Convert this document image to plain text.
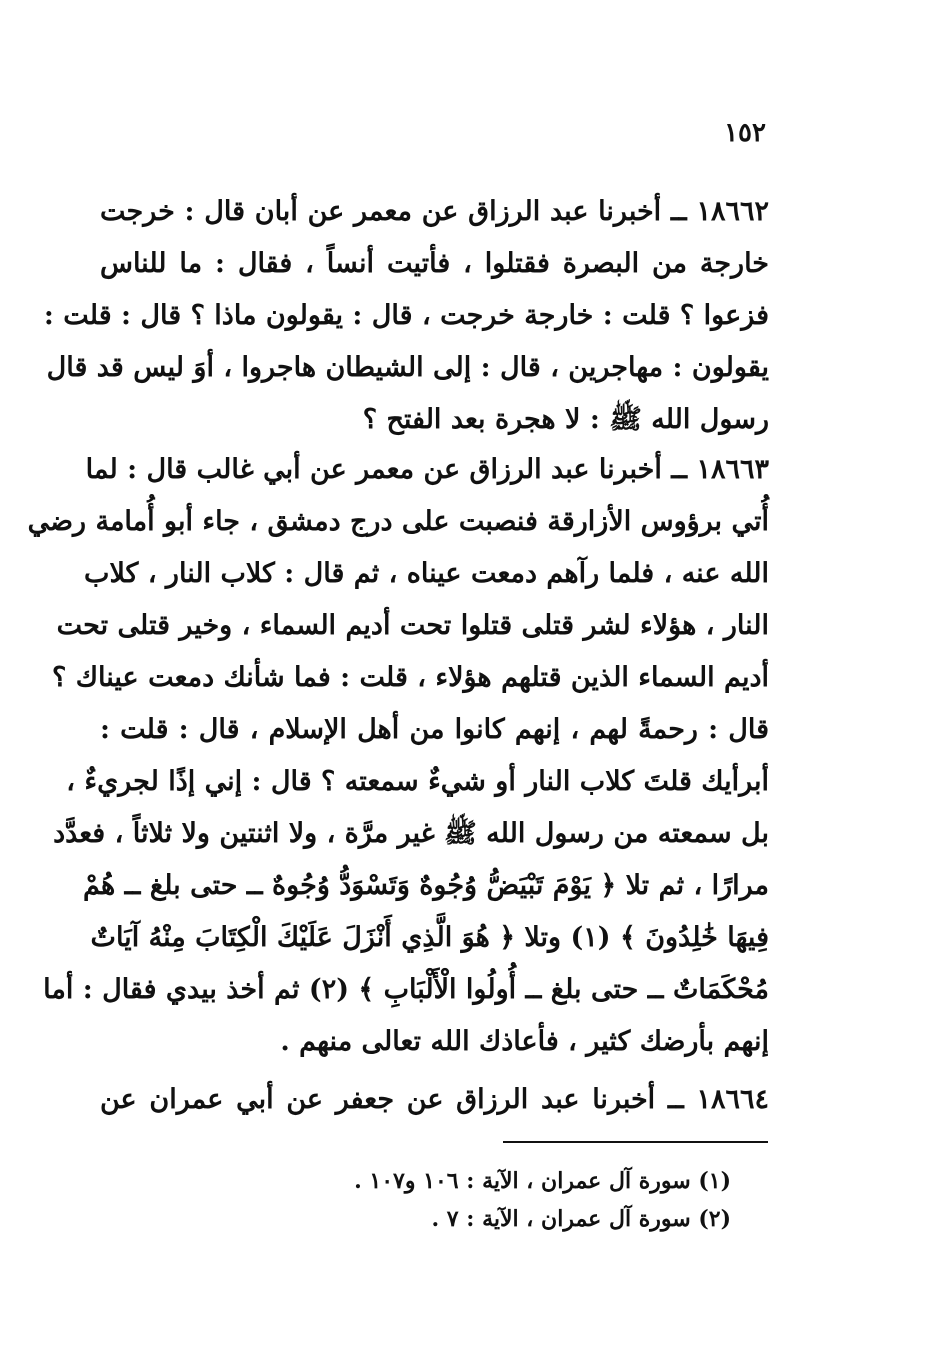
١٥٢
١٨٦٦٢ ــ أخبرنا عبد الرزاق عن معمر عن أبان قال : خرجت
خارجة من البصرة فقتلوا ، فأتيت أنساً ، فقال : ما للناس
فزعوا ؟ قلت : خارجة خرجت ، قال : يقولون ماذا ؟ قال : قلت :
يقولون : مهاجرين ، قال : إلى الشيطان هاجروا ، أوَ ليس قد قال
رسول الله ﷺ : لا هجرة بعد الفتح ؟
١٨٦٦٣ ــ أخبرنا عبد الرزاق عن معمر عن أبي غالب قال : لما
أُتي برؤوس الأزارقة فنصبت على درج دمشق ، جاء أبو أُمامة رضي
الله عنه ، فلما رآهم دمعت عيناه ، ثم قال : كلاب النار ، كلاب
النار ، هؤلاء لشر قتلى قتلوا تحت أديم السماء ، وخير قتلى تحت
أديم السماء الذين قتلهم هؤلاء ، قلت : فما شأنك دمعت عيناك ؟
قال : رحمةً لهم ، إنهم كانوا من أهل الإسلام ، قال : قلت :
أبرأيك قلتَ كلاب النار أو شيءٌ سمعته ؟ قال : إني إذًا لجريءٌ ،
بل سمعته من رسول الله ﷺ غير مرَّة ، ولا اثنتين ولا ثلاثاً ، فعدَّد
مرارًا ، ثم تلا ﴿ يَوْمَ تَبْيَضُّ وُجُوهٌ وَتَسْوَدُّ وُجُوهٌ ــ حتى بلغ ــ هُمْ
فِيهَا خَٰلِدُونَ ﴾ (١) وتلا ﴿ هُوَ الَّذِي أَنْزَلَ عَلَيْكَ الْكِتَابَ مِنْهُ آيَاتٌ
مُحْكَمَاتٌ ــ حتى بلغ ــ أُولُوا الْأَلْبَابِ ﴾ (٢) ثم أخذ بيدي فقال : أما
إنهم بأرضك كثير ، فأعاذك الله تعالى منهم .
١٨٦٦٤ ــ أخبرنا عبد الرزاق عن جعفر عن أبي عمران عن
(١) سورة آل عمران ، الآية : ١٠٦ و١٠٧ .
(٢) سورة آل عمران ، الآية : ٧ .
